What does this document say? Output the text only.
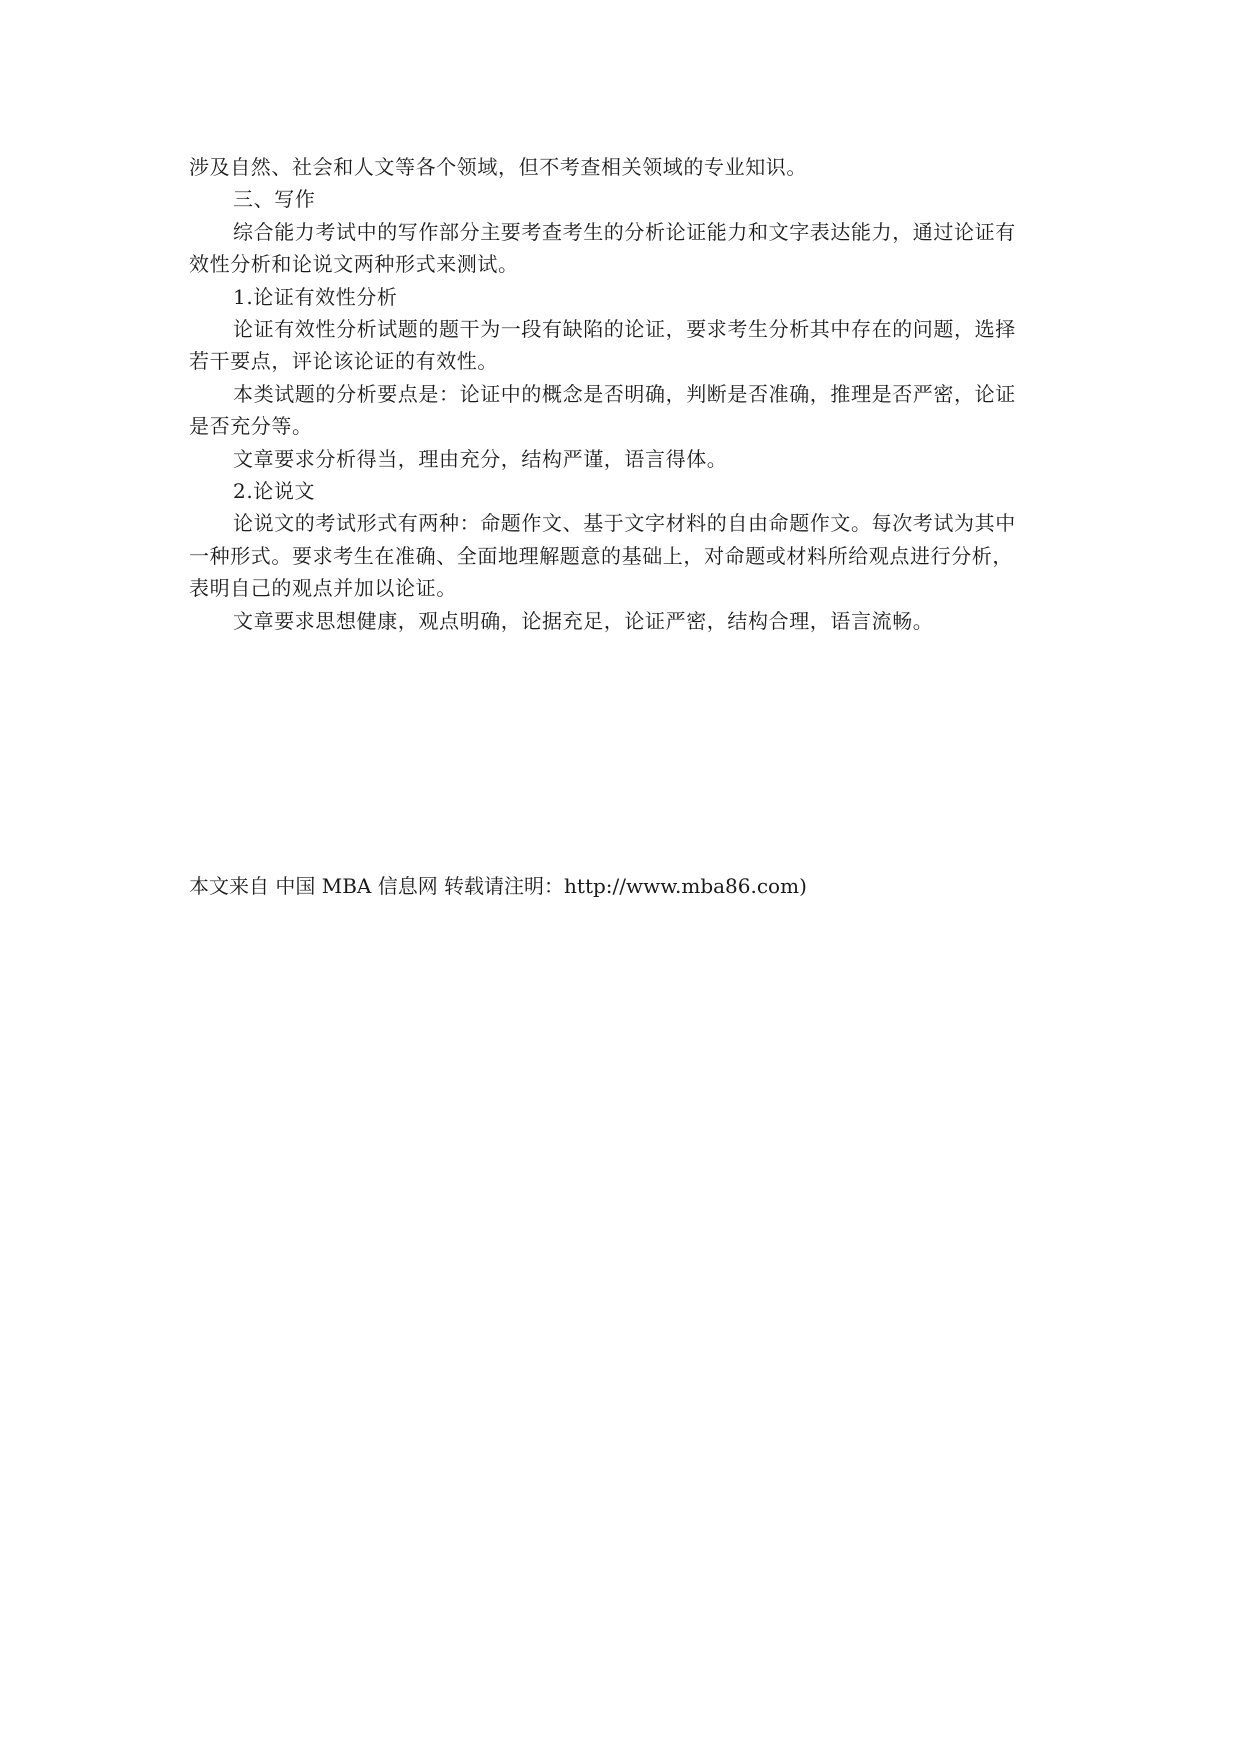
涉及自然、社会和人文等各个领域，但不考查相关领域的专业知识。
三、写作
综合能力考试中的写作部分主要考查考生的分析论证能力和文字表达能力，通过论证有
效性分析和论说文两种形式来测试。
1.论证有效性分析
论证有效性分析试题的题干为一段有缺陷的论证，要求考生分析其中存在的问题，选择
若干要点，评论该论证的有效性。
本类试题的分析要点是：论证中的概念是否明确，判断是否准确，推理是否严密，论证
是否充分等。
文章要求分析得当，理由充分，结构严谨，语言得体。
2.论说文
论说文的考试形式有两种：命题作文、基于文字材料的自由命题作文。每次考试为其中
一种形式。要求考生在准确、全面地理解题意的基础上，对命题或材料所给观点进行分析，
表明自己的观点并加以论证。
文章要求思想健康，观点明确，论据充足，论证严密，结构合理，语言流畅。
本文来自 中国 MBA 信息网 转载请注明：http://www.mba86.com)
